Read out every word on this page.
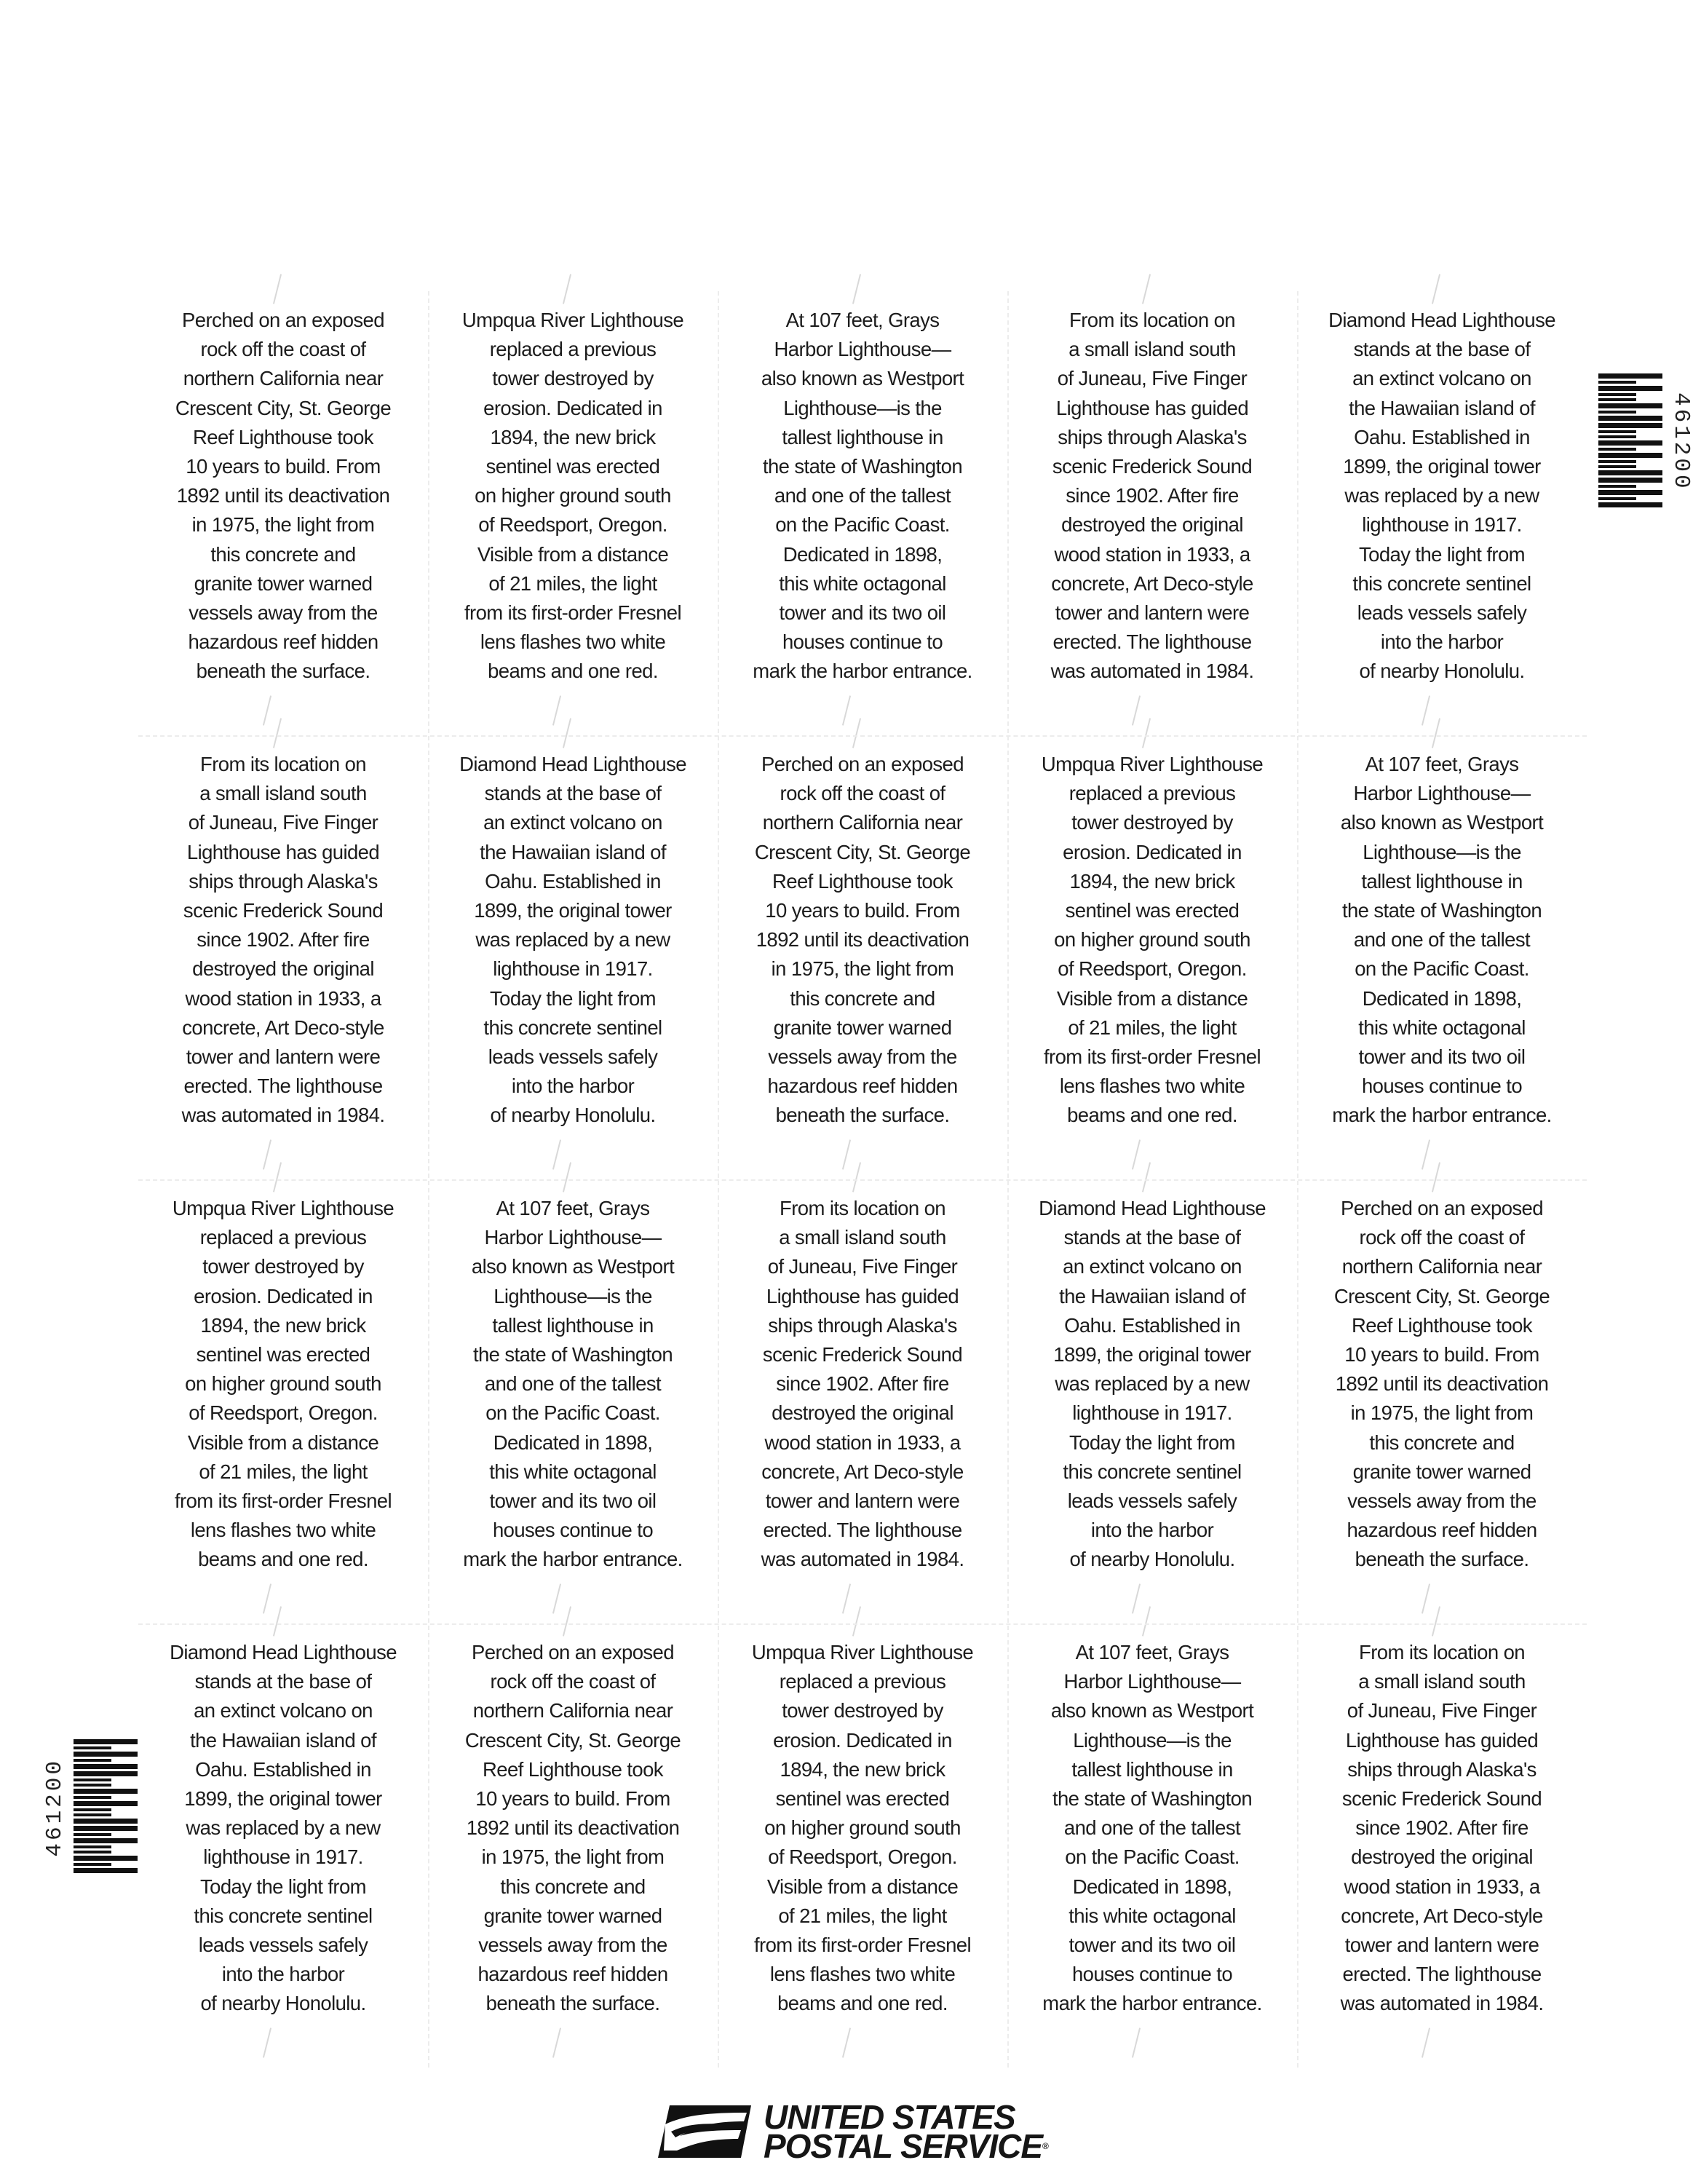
Perched on an exposed
rock off the coast of
northern California near
Crescent City, St. George
Reef Lighthouse took
10 years to build. From
1892 until its deactivation
in 1975, the light from
this concrete and
granite tower warned
vessels away from the
hazardous reef hidden
beneath the surface.

Umpqua River Lighthouse
replaced a previous
tower destroyed by
erosion. Dedicated in
1894, the new brick
sentinel was erected
on higher ground south
of Reedsport, Oregon.
Visible from a distance
of 21 miles, the light
from its first-order Fresnel
lens flashes two white
beams and one red.

At 107 feet, Grays
Harbor Lighthouse—
also known as Westport
Lighthouse—is the
tallest lighthouse in
the state of Washington
and one of the tallest
on the Pacific Coast.
Dedicated in 1898,
this white octagonal
tower and its two oil
houses continue to
mark the harbor entrance.

From its location on
a small island south
of Juneau, Five Finger
Lighthouse has guided
ships through Alaska's
scenic Frederick Sound
since 1902. After fire
destroyed the original
wood station in 1933, a
concrete, Art Deco-style
tower and lantern were
erected. The lighthouse
was automated in 1984.

Diamond Head Lighthouse
stands at the base of
an extinct volcano on
the Hawaiian island of
Oahu. Established in
1899, the original tower
was replaced by a new
lighthouse in 1917.
Today the light from
this concrete sentinel
leads vessels safely
into the harbor
of nearby Honolulu.

From its location on
a small island south
of Juneau, Five Finger
Lighthouse has guided
ships through Alaska's
scenic Frederick Sound
since 1902. After fire
destroyed the original
wood station in 1933, a
concrete, Art Deco-style
tower and lantern were
erected. The lighthouse
was automated in 1984.

Diamond Head Lighthouse
stands at the base of
an extinct volcano on
the Hawaiian island of
Oahu. Established in
1899, the original tower
was replaced by a new
lighthouse in 1917.
Today the light from
this concrete sentinel
leads vessels safely
into the harbor
of nearby Honolulu.

Perched on an exposed
rock off the coast of
northern California near
Crescent City, St. George
Reef Lighthouse took
10 years to build. From
1892 until its deactivation
in 1975, the light from
this concrete and
granite tower warned
vessels away from the
hazardous reef hidden
beneath the surface.

Umpqua River Lighthouse
replaced a previous
tower destroyed by
erosion. Dedicated in
1894, the new brick
sentinel was erected
on higher ground south
of Reedsport, Oregon.
Visible from a distance
of 21 miles, the light
from its first-order Fresnel
lens flashes two white
beams and one red.

At 107 feet, Grays
Harbor Lighthouse—
also known as Westport
Lighthouse—is the
tallest lighthouse in
the state of Washington
and one of the tallest
on the Pacific Coast.
Dedicated in 1898,
this white octagonal
tower and its two oil
houses continue to
mark the harbor entrance.

Umpqua River Lighthouse
replaced a previous
tower destroyed by
erosion. Dedicated in
1894, the new brick
sentinel was erected
on higher ground south
of Reedsport, Oregon.
Visible from a distance
of 21 miles, the light
from its first-order Fresnel
lens flashes two white
beams and one red.

At 107 feet, Grays
Harbor Lighthouse—
also known as Westport
Lighthouse—is the
tallest lighthouse in
the state of Washington
and one of the tallest
on the Pacific Coast.
Dedicated in 1898,
this white octagonal
tower and its two oil
houses continue to
mark the harbor entrance.

From its location on
a small island south
of Juneau, Five Finger
Lighthouse has guided
ships through Alaska's
scenic Frederick Sound
since 1902. After fire
destroyed the original
wood station in 1933, a
concrete, Art Deco-style
tower and lantern were
erected. The lighthouse
was automated in 1984.

Diamond Head Lighthouse
stands at the base of
an extinct volcano on
the Hawaiian island of
Oahu. Established in
1899, the original tower
was replaced by a new
lighthouse in 1917.
Today the light from
this concrete sentinel
leads vessels safely
into the harbor
of nearby Honolulu.

Perched on an exposed
rock off the coast of
northern California near
Crescent City, St. George
Reef Lighthouse took
10 years to build. From
1892 until its deactivation
in 1975, the light from
this concrete and
granite tower warned
vessels away from the
hazardous reef hidden
beneath the surface.

Diamond Head Lighthouse
stands at the base of
an extinct volcano on
the Hawaiian island of
Oahu. Established in
1899, the original tower
was replaced by a new
lighthouse in 1917.
Today the light from
this concrete sentinel
leads vessels safely
into the harbor
of nearby Honolulu.

Perched on an exposed
rock off the coast of
northern California near
Crescent City, St. George
Reef Lighthouse took
10 years to build. From
1892 until its deactivation
in 1975, the light from
this concrete and
granite tower warned
vessels away from the
hazardous reef hidden
beneath the surface.

Umpqua River Lighthouse
replaced a previous
tower destroyed by
erosion. Dedicated in
1894, the new brick
sentinel was erected
on higher ground south
of Reedsport, Oregon.
Visible from a distance
of 21 miles, the light
from its first-order Fresnel
lens flashes two white
beams and one red.

At 107 feet, Grays
Harbor Lighthouse—
also known as Westport
Lighthouse—is the
tallest lighthouse in
the state of Washington
and one of the tallest
on the Pacific Coast.
Dedicated in 1898,
this white octagonal
tower and its two oil
houses continue to
mark the harbor entrance.

From its location on
a small island south
of Juneau, Five Finger
Lighthouse has guided
ships through Alaska's
scenic Frederick Sound
since 1902. After fire
destroyed the original
wood station in 1933, a
concrete, Art Deco-style
tower and lantern were
erected. The lighthouse
was automated in 1984.

461200
461200
UNITED STATES
POSTAL SERVICE®
